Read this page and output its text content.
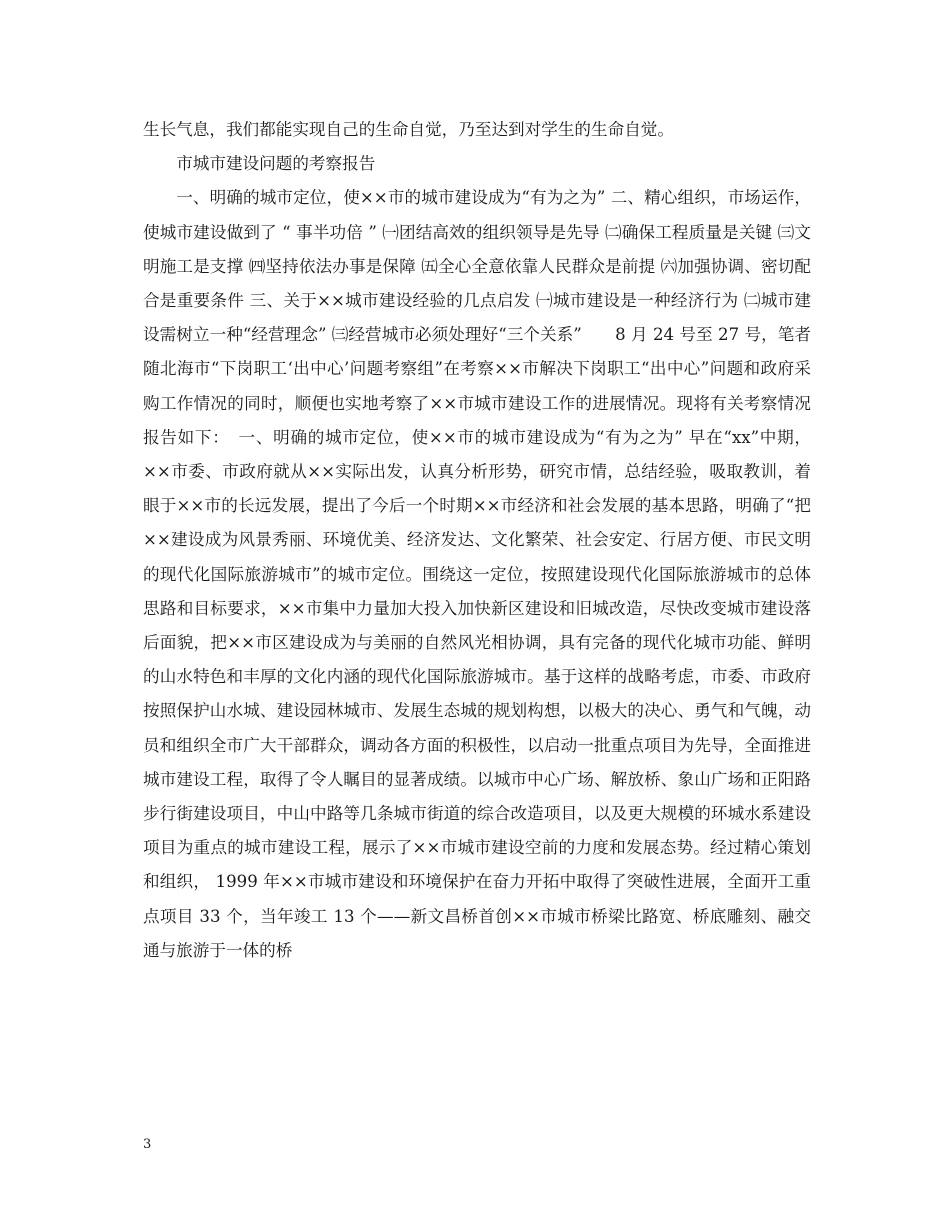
生长气息，我们都能实现自己的生命自觉，乃至达到对学生的生命自觉。

市城市建设问题的考察报告

一、明确的城市定位，使××市的城市建设成为“有为之为” 二、精心组织，市场运作，使城市建设做到了 “ 事半功倍 ” ㈠团结高效的组织领导是先导 ㈡确保工程质量是关键 ㈢文明施工是支撑 ㈣坚持依法办事是保障 ㈤全心全意依靠人民群众是前提 ㈥加强协调、密切配合是重要条件 三、关于××城市建设经验的几点启发 ㈠城市建设是一种经济行为 ㈡城市建设需树立一种“经营理念” ㈢经营城市必须处理好“三个关系”　　8 月 24 号至 27 号，笔者随北海市“下岗职工‘出中心’问题考察组”在考察××市解决下岗职工“出中心”问题和政府采购工作情况的同时，顺便也实地考察了××市城市建设工作的进展情况。现将有关考察情况报告如下：　一、明确的城市定位，使××市的城市建设成为“有为之为” 早在“xx”中期，××市委、市政府就从××实际出发，认真分析形势，研究市情，总结经验，吸取教训，着眼于××市的长远发展，提出了今后一个时期××市经济和社会发展的基本思路，明确了“把××建设成为风景秀丽、环境优美、经济发达、文化繁荣、社会安定、行居方便、市民文明的现代化国际旅游城市”的城市定位。围绕这一定位，按照建设现代化国际旅游城市的总体思路和目标要求，××市集中力量加大投入加快新区建设和旧城改造，尽快改变城市建设落后面貌，把××市区建设成为与美丽的自然风光相协调，具有完备的现代化城市功能、鲜明的山水特色和丰厚的文化内涵的现代化国际旅游城市。基于这样的战略考虑，市委、市政府按照保护山水城、建设园林城市、发展生态城的规划构想，以极大的决心、勇气和气魄，动员和组织全市广大干部群众，调动各方面的积极性，以启动一批重点项目为先导，全面推进城市建设工程，取得了令人瞩目的显著成绩。以城市中心广场、解放桥、象山广场和正阳路步行街建设项目，中山中路等几条城市街道的综合改造项目，以及更大规模的环城水系建设项目为重点的城市建设工程，展示了××市城市建设空前的力度和发展态势。经过精心策划和组织， 1999 年××市城市建设和环境保护在奋力开拓中取得了突破性进展，全面开工重点项目 33 个，当年竣工 13 个——新文昌桥首创××市城市桥梁比路宽、桥底雕刻、融交通与旅游于一体的桥

3
